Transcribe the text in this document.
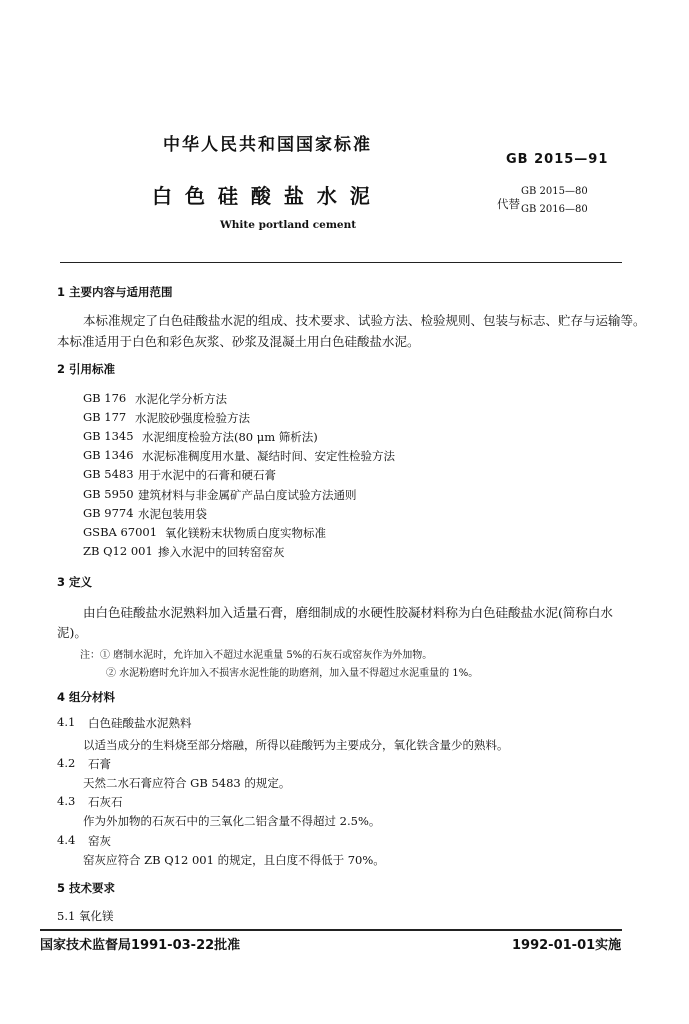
中华人民共和国国家标准
GB 2015—91
白 色 硅 酸 盐 水 泥	代替
GB 2015—80
GB 2016—80
White portland cement
1 主要内容与适用范围
本标准规定了白色硅酸盐水泥的组成、技术要求、试验方法、检验规则、包装与标志、贮存与运输等。
本标准适用于白色和彩色灰浆、砂浆及混凝土用白色硅酸盐水泥。
2 引用标准
GB 176 水泥化学分析方法
GB 177 水泥胶砂强度检验方法
GB 1345 水泥细度检验方法(80 μm 筛析法)
GB 1346 水泥标准稠度用水量、凝结时间、安定性检验方法
GB 5483 用于水泥中的石膏和硬石膏
GB 5950 建筑材料与非金属矿产品白度试验方法通则
GB 9774 水泥包装用袋
GSBA 67001 氧化镁粉末状物质白度实物标准
ZB Q12 001 掺入水泥中的回转窑窑灰
3 定义
由白色硅酸盐水泥熟料加入适量石膏，磨细制成的水硬性胶凝材料称为白色硅酸盐水泥(简称白水
泥)。
注：① 磨制水泥时，允许加入不超过水泥重量 5%的石灰石或窑灰作为外加物。
② 水泥粉磨时允许加入不损害水泥性能的助磨剂，加入量不得超过水泥重量的 1%。
4 组分材料
4.1 白色硅酸盐水泥熟料
以适当成分的生料烧至部分熔融，所得以硅酸钙为主要成分，氧化铁含量少的熟料。
4.2 石膏
天然二水石膏应符合 GB 5483 的规定。
4.3 石灰石
作为外加物的石灰石中的三氧化二铝含量不得超过 2.5%。
4.4 窑灰
窑灰应符合 ZB Q12 001 的规定，且白度不得低于 70%。
5 技术要求
5.1 氧化镁
国家技术监督局1991-03-22批准	1992-01-01实施
